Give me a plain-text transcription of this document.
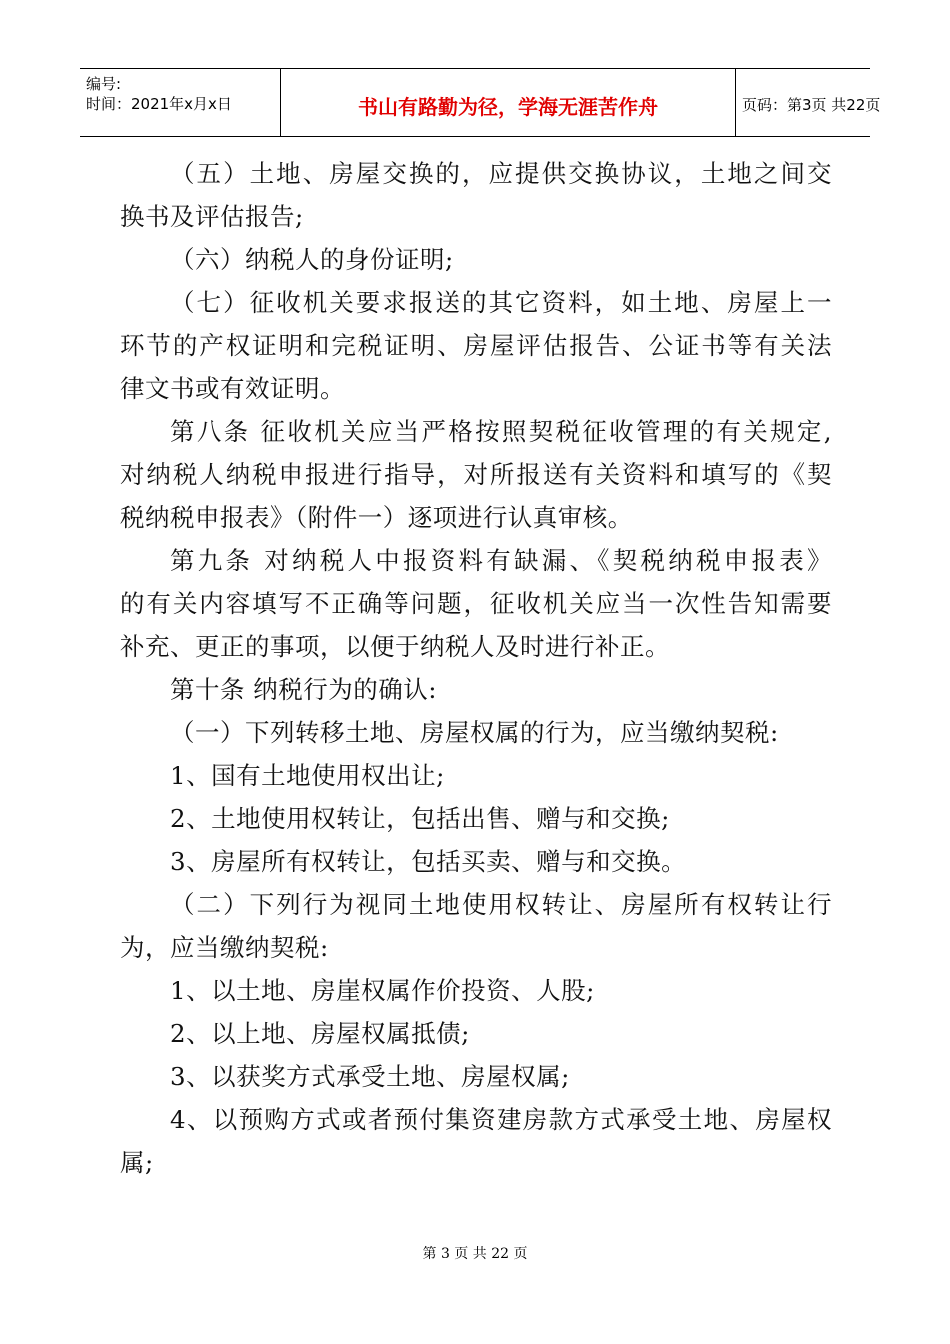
编号:
时间：2021年x月x日	书山有路勤为径，学海无涯苦作舟	页码：第3页 共22页
（五）土地、房屋交换的，应提供交换协议，土地之间交
换书及评估报告;
（六）纳税人的身份证明;
（七）征收机关要求报送的其它资料，如土地、房屋上一
环节的产权证明和完税证明、房屋评估报告、公证书等有关法
律文书或有效证明。
第八条 征收机关应当严格按照契税征收管理的有关规定,
对纳税人纳税申报进行指导，对所报送有关资料和填写的《契
税纳税申报表》（附件一）逐项进行认真审核。
第九条 对纳税人中报资料有缺漏、《契税纳税申报表》
的有关内容填写不正确等问题，征收机关应当一次性告知需要
补充、更正的事项，以便于纳税人及时进行补正。
第十条 纳税行为的确认:
（一）下列转移土地、房屋权属的行为，应当缴纳契税:
1、国有土地使用权出让;
2、土地使用权转让，包括出售、赠与和交换;
3、房屋所有权转让，包括买卖、赠与和交换。
（二）下列行为视同土地使用权转让、房屋所有权转让行
为，应当缴纳契税:
1、以土地、房崖权属作价投资、人股;
2、以上地、房屋权属抵债;
3、以获奖方式承受土地、房屋权属;
4、以预购方式或者预付集资建房款方式承受土地、房屋权
属;
第 3 页 共 22 页
